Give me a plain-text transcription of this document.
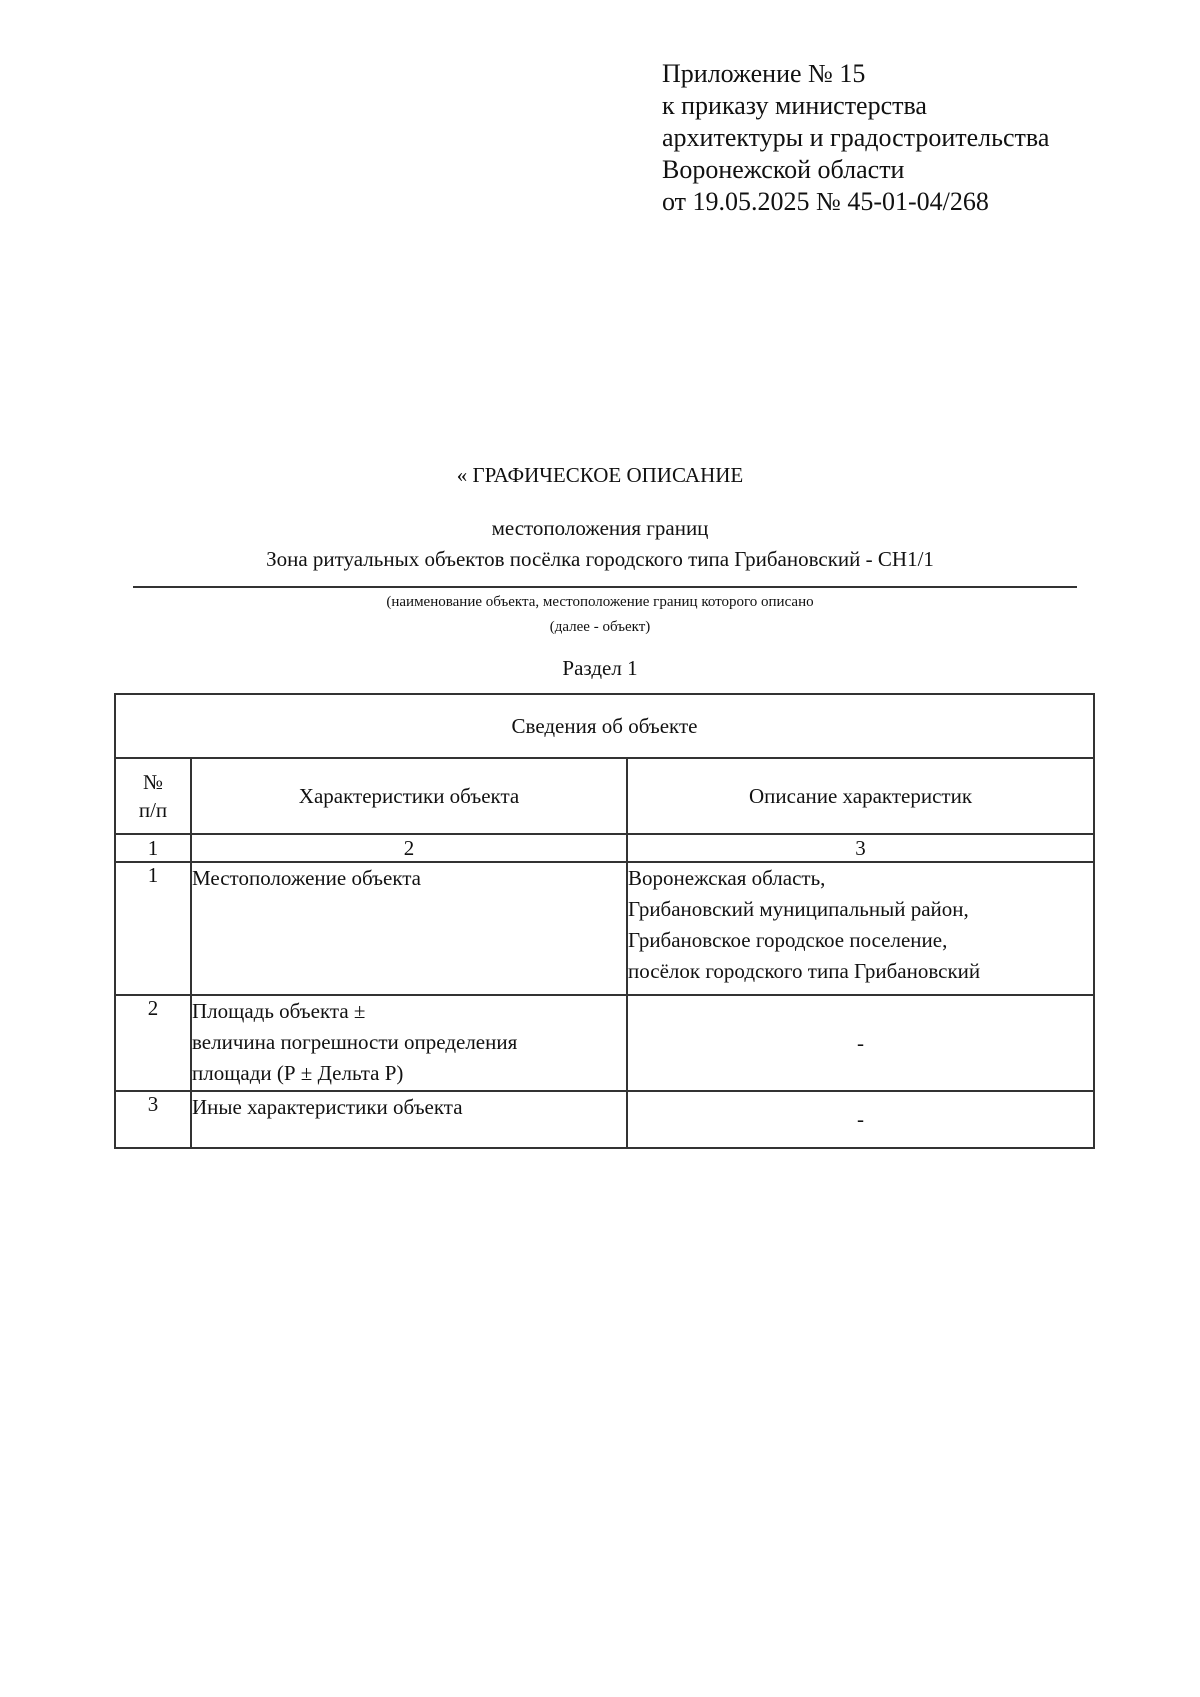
Приложение № 15
к приказу министерства
архитектуры и градостроительства
Воронежской области
от 19.05.2025 № 45-01-04/268
« ГРАФИЧЕСКОЕ ОПИСАНИЕ
местоположения границ
Зона ритуальных объектов посёлка городского типа Грибановский - СН1/1
(наименование объекта, местоположение границ которого описано
(далее - объект)
Раздел 1
Сведения об объекте		

№
п/п	Характеристики объекта	Описание характеристик
1	2	3
1	Местоположение объекта	Воронежская область,
Грибановский муниципальный район,
Грибановское городское поселение,
посёлок городского типа Грибановский

2	Площадь объекта ±
величина погрешности определения
площади (Р ± Дельта Р)	-
3	Иные характеристики объекта	-
